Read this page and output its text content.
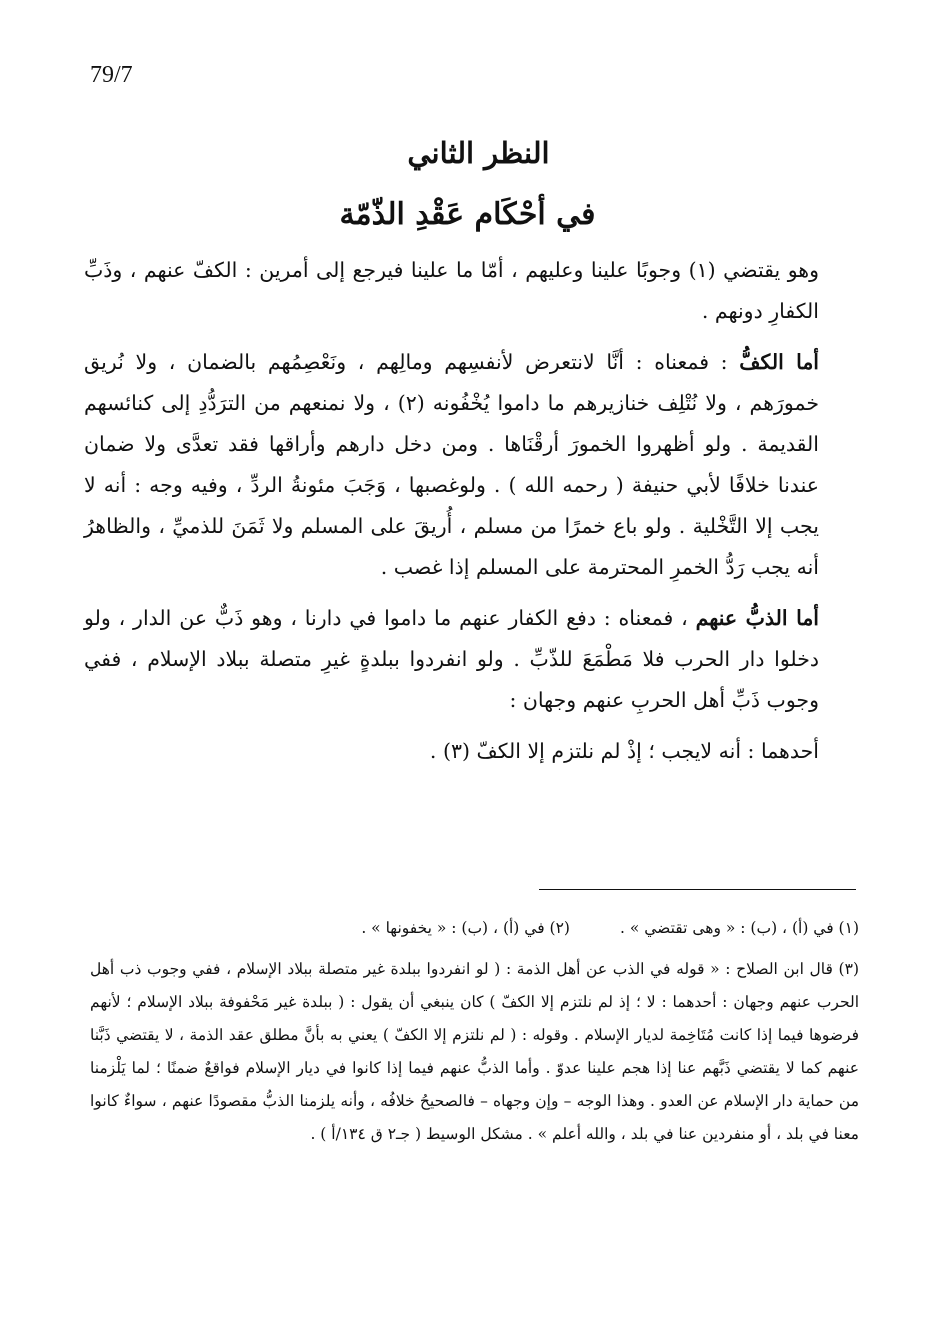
79/7
النظر الثاني
في أحْكَام عَقْدِ الذّمّة

وهو يقتضي (١) وجوبًا علينا وعليهم ، أمّا ما علينا فيرجع إلى أمرين : الكفّ عنهم ، وذَبِّ الكفارِ دونهم .

أما الكفُّ : فمعناه : أنَّا لانتعرض لأنفسِهم ومالِهم ، ونَعْصِمُهم بالضمان ، ولا نُريق خمورَهم ، ولا نُتْلِف خنازيرهم ما داموا يُخْفُونه (٢) ، ولا نمنعهم من الترَدُّدِ إلى كنائسهم القديمة . ولو أظهروا الخمورَ أرقْنَاها . ومن دخل دارهم وأراقها فقد تعدَّى ولا ضمان عندنا خلافًا لأبي حنيفة ( رحمه الله ) . ولوغصبها ، وَجَبَ مئونةُ الردِّ ، وفيه وجه : أنه لا يجب إلا التَّخْلية . ولو باع خمرًا من مسلم ، أُريقَ على المسلم ولا ثَمَنَ للذميِّ ، والظاهرُ أنه يجب رَدُّ الخمرِ المحترمة على المسلم إذا غصب .

أما الذبُّ عنهم ، فمعناه : دفع الكفار عنهم ما داموا في دارنا ، وهو ذَبٌّ عن الدار ، ولو دخلوا دار الحرب فلا مَطْمَعَ للذّبِّ . ولو انفردوا ببلدةٍ غيرِ متصلة ببلاد الإسلام ، ففي وجوب ذَبِّ أهل الحربِ عنهم وجهان :

أحدهما : أنه لايجب ؛ إذْ لم نلتزم إلا الكفّ (٣) .

(١) في (أ) ، (ب) : « وهى تقتضي » .
(٢) في (أ) ، (ب) : « يخفونها » .

(٣) قال ابن الصلاح : « قوله في الذب عن أهل الذمة : ( لو انفردوا ببلدة غير متصلة ببلاد الإسلام ، ففي وجوب ذب أهل الحرب عنهم وجهان : أحدهما : لا ؛ إذ لم نلتزم إلا الكفّ ) كان ينبغي أن يقول : ( ببلدة غير مَحْفوفة ببلاد الإسلام ؛ لأنهم فرضوها فيما إذا كانت مُتَاخِمة لديار الإسلام . وقوله : ( لم نلتزم إلا الكفّ ) يعني به بأنَّ مطلق عقد الذمة ، لا يقتضي ذَبَّنا عنهم كما لا يقتضي ذَبَّهم عنا إذا هجم علينا عدوّ . وأما الذبُّ عنهم فيما إذا كانوا في ديار الإسلام فواقعٌ ضمنًا ؛ لما يَلْزمنا من حماية دار الإسلام عن العدو . وهذا الوجه – وإن وجهاه – فالصحيحُ خلافُه ، وأنه يلزمنا الذبُّ مقصودًا عنهم ، سواءٌ كانوا معنا في بلد ، أو منفردين عنا في بلد ، والله أعلم » . مشكل الوسيط ( جـ٢ ق ١٣٤/أ ) .
